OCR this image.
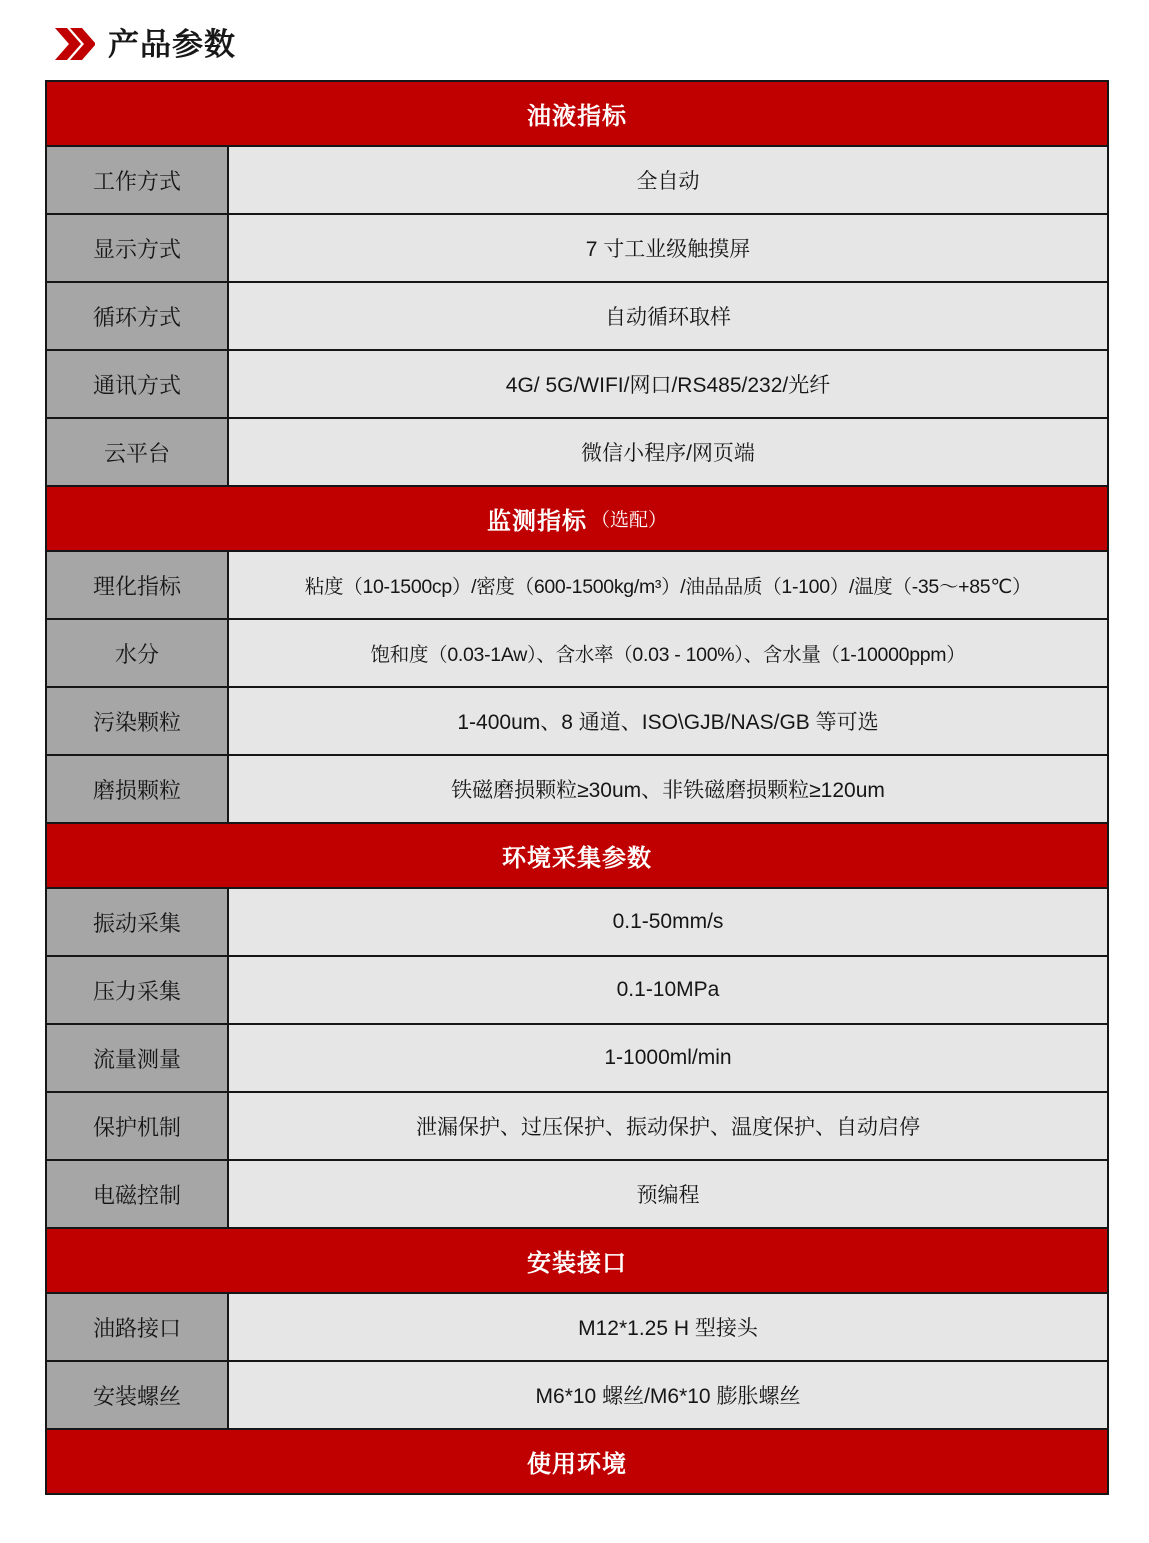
产品参数
油液指标
工作方式	全自动
显示方式	7 寸工业级触摸屏
循环方式	自动循环取样
通讯方式	4G/ 5G/WIFI/网口/RS485/232/光纤
云平台	微信小程序/网页端
监测指标 （选配）
理化指标	粘度（10-1500cp）/密度（600-1500kg/m³）/油品品质（1-100）/温度（-35～+85℃）
水分	饱和度（0.03-1Aw）、含水率（0.03 - 100%）、含水量（1-10000ppm）
污染颗粒	1-400um、8 通道、ISO\GJB/NAS/GB 等可选
磨损颗粒	铁磁磨损颗粒≥30um、非铁磁磨损颗粒≥120um
环境采集参数
振动采集	0.1-50mm/s
压力采集	0.1-10MPa
流量测量	1-1000ml/min
保护机制	泄漏保护、过压保护、振动保护、温度保护、自动启停
电磁控制	预编程
安装接口
油路接口	M12*1.25 H 型接头
安装螺丝	M6*10 螺丝/M6*10 膨胀螺丝
使用环境
